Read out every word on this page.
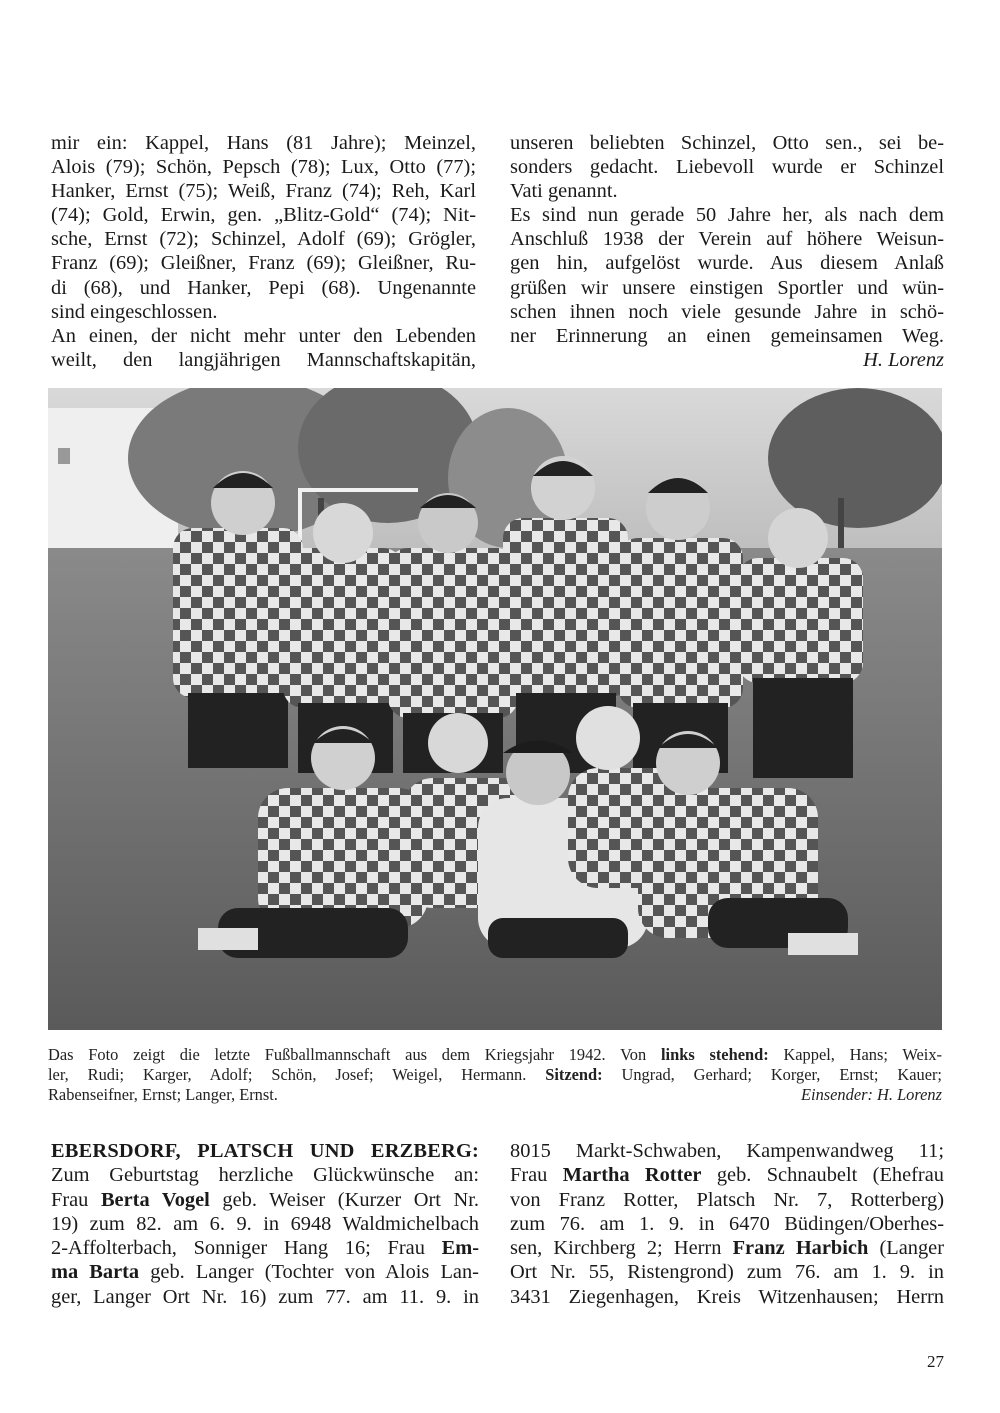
mir ein: Kappel, Hans (81 Jahre); Meinzel,
Alois (79); Schön, Pepsch (78); Lux, Otto (77);
Hanker, Ernst (75); Weiß, Franz (74); Reh, Karl
(74); Gold, Erwin, gen. „Blitz-Gold“ (74); Nit-
sche, Ernst (72); Schinzel, Adolf (69); Grögler,
Franz (69); Gleißner, Franz (69); Gleißner, Ru-
di (68), und Hanker, Pepi (68). Ungenannte
sind eingeschlossen.
An einen, der nicht mehr unter den Lebenden
weilt, den langjährigen Mannschaftskapitän,
unseren beliebten Schinzel, Otto sen., sei be-
sonders gedacht. Liebevoll wurde er Schinzel
Vati genannt.
Es sind nun gerade 50 Jahre her, als nach dem
Anschluß 1938 der Verein auf höhere Weisun-
gen hin, aufgelöst wurde. Aus diesem Anlaß
grüßen wir unsere einstigen Sportler und wün-
schen ihnen noch viele gesunde Jahre in schö-
ner Erinnerung an einen gemeinsamen Weg.
H. Lorenz
Das Foto zeigt die letzte Fußballmannschaft aus dem Kriegsjahr 1942. Von links stehend: Kappel, Hans; Weix-
ler, Rudi; Karger, Adolf; Schön, Josef; Weigel, Hermann. Sitzend: Ungrad, Gerhard; Korger, Ernst; Kauer;
Rabenseifner, Ernst; Langer, Ernst.	Einsender: H. Lorenz
EBERSDORF, PLATSCH UND ERZBERG:
Zum Geburtstag herzliche Glückwünsche an:
Frau Berta Vogel geb. Weiser (Kurzer Ort Nr.
19) zum 82. am 6. 9. in 6948 Waldmichelbach
2-Affolterbach, Sonniger Hang 16; Frau Em-
ma Barta geb. Langer (Tochter von Alois Lan-
ger, Langer Ort Nr. 16) zum 77. am 11. 9. in
8015 Markt-Schwaben, Kampenwandweg 11;
Frau Martha Rotter geb. Schnaubelt (Ehefrau
von Franz Rotter, Platsch Nr. 7, Rotterberg)
zum 76. am 1. 9. in 6470 Büdingen/Oberhes-
sen, Kirchberg 2; Herrn Franz Harbich (Langer
Ort Nr. 55, Ristengrond) zum 76. am 1. 9. in
3431 Ziegenhagen, Kreis Witzenhausen; Herrn
27
